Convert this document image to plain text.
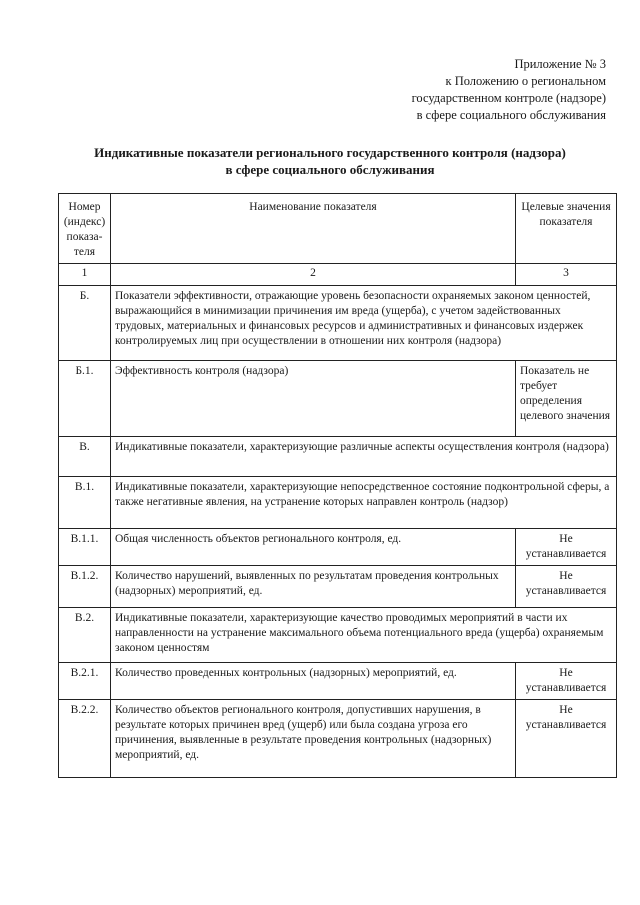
Приложение № 3
к Положению о региональном
государственном контроле (надзоре)
в сфере социального обслуживания
Индикативные показатели регионального государственного контроля (надзора)
в сфере социального обслуживания
Номер (индекс) показа-теля	Наименование показателя	Целевые значения показателя
1	2	3
Б.	Показатели эффективности, отражающие уровень безопасности охраняемых законом ценностей, выражающийся в минимизации причинения им вреда (ущерба), с учетом задействованных трудовых, материальных и финансовых ресурсов и административных и финансовых издержек контролируемых лиц при осуществлении в отношении них контроля (надзора)	
Б.1.	Эффективность контроля (надзора)	Показатель не требует определения целевого значения
В.	Индикативные показатели, характеризующие различные аспекты осуществления контроля (надзора)	
В.1.	Индикативные показатели, характеризующие непосредственное состояние подконтрольной сферы, а также негативные явления, на устранение которых направлен контроль (надзор)	
В.1.1.	Общая численность объектов регионального контроля, ед.	Не устанавливается
В.1.2.	Количество нарушений, выявленных по результатам проведения контрольных (надзорных) мероприятий, ед.	Не устанавливается
В.2.	Индикативные показатели, характеризующие качество проводимых мероприятий в части их направленности на устранение максимального объема потенциального вреда (ущерба) охраняемым законом ценностям	
В.2.1.	Количество проведенных контрольных (надзорных) мероприятий, ед.	Не устанавливается
В.2.2.	Количество объектов регионального контроля, допустивших нарушения, в результате которых причинен вред (ущерб) или была создана угроза его причинения, выявленные в результате проведения контрольных (надзорных) мероприятий, ед.	Не устанавливается
